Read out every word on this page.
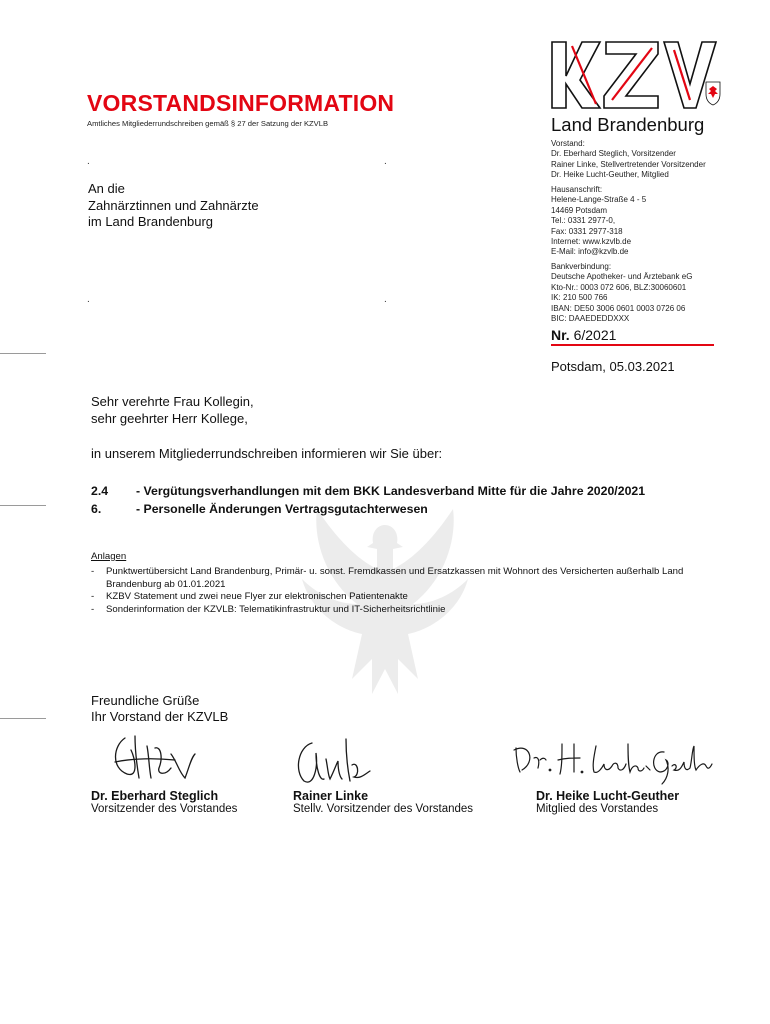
VORSTANDSINFORMATION
Amtliches Mitgliederrundschreiben gemäß § 27 der Satzung der KZVLB	Land Brandenburg
.	.
.	.
An die
Zahnärztinnen und Zahnärzte
im Land Brandenburg
Vorstand:
Dr. Eberhard Steglich, Vorsitzender
Rainer Linke, Stellvertretender Vorsitzender
Dr. Heike Lucht-Geuther, Mitglied
Hausanschrift:
Helene-Lange-Straße 4 - 5
14469 Potsdam
Tel.: 0331 2977-0,
Fax: 0331 2977-318
Internet: www.kzvlb.de
E-Mail: info@kzvlb.de
Bankverbindung:
Deutsche Apotheker- und Ärztebank eG
Kto-Nr.: 0003 072 606, BLZ:30060601
IK: 210 500 766
IBAN: DE50 3006 0601 0003 0726 06
BIC: DAAEDEDDXXX
Nr. 6/2021
Potsdam, 05.03.2021
Sehr verehrte Frau Kollegin,
sehr geehrter Herr Kollege,
in unserem Mitgliederrundschreiben informieren wir Sie über:
2.4	- Vergütungsverhandlungen mit dem BKK Landesverband Mitte für die Jahre 2020/2021
6.	- Personelle Änderungen Vertragsgutachterwesen
Anlagen
-	Punktwertübersicht Land Brandenburg, Primär- u. sonst. Fremdkassen und Ersatzkassen mit Wohnort des Versicherten außerhalb Land Brandenburg ab 01.01.2021
-	KZBV Statement und zwei neue Flyer zur elektronischen Patientenakte
-	Sonderinformation der KZVLB: Telematikinfrastruktur und IT-Sicherheitsrichtlinie
Freundliche Grüße
Ihr Vorstand der KZVLB
Dr. Eberhard Steglich
Vorsitzender des Vorstandes
Rainer Linke
Stellv. Vorsitzender des Vorstandes
Dr. Heike Lucht-Geuther
Mitglied des Vorstandes
